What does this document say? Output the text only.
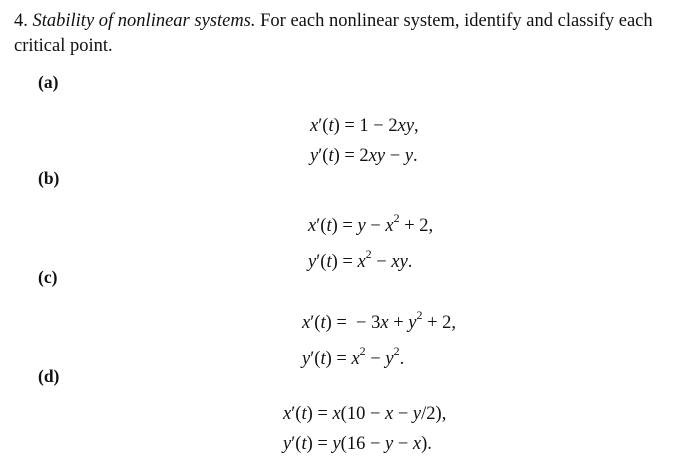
4. Stability of nonlinear systems. For each nonlinear system, identify and classify each critical point.
(a)
x′(t) = 1 − 2xy,
y′(t) = 2xy − y.
(b)
$x'(t) = y - x^2 + 2$,
$y'(t) = x^2$ − xy.
(c)
x′(t) =  − $3x + y^2 + 2$,
$y'(t) = x^2 - y^2$.
(d)
x′(t) = x(10 − x − y/2),
y′(t) = y(16 − y − x).
